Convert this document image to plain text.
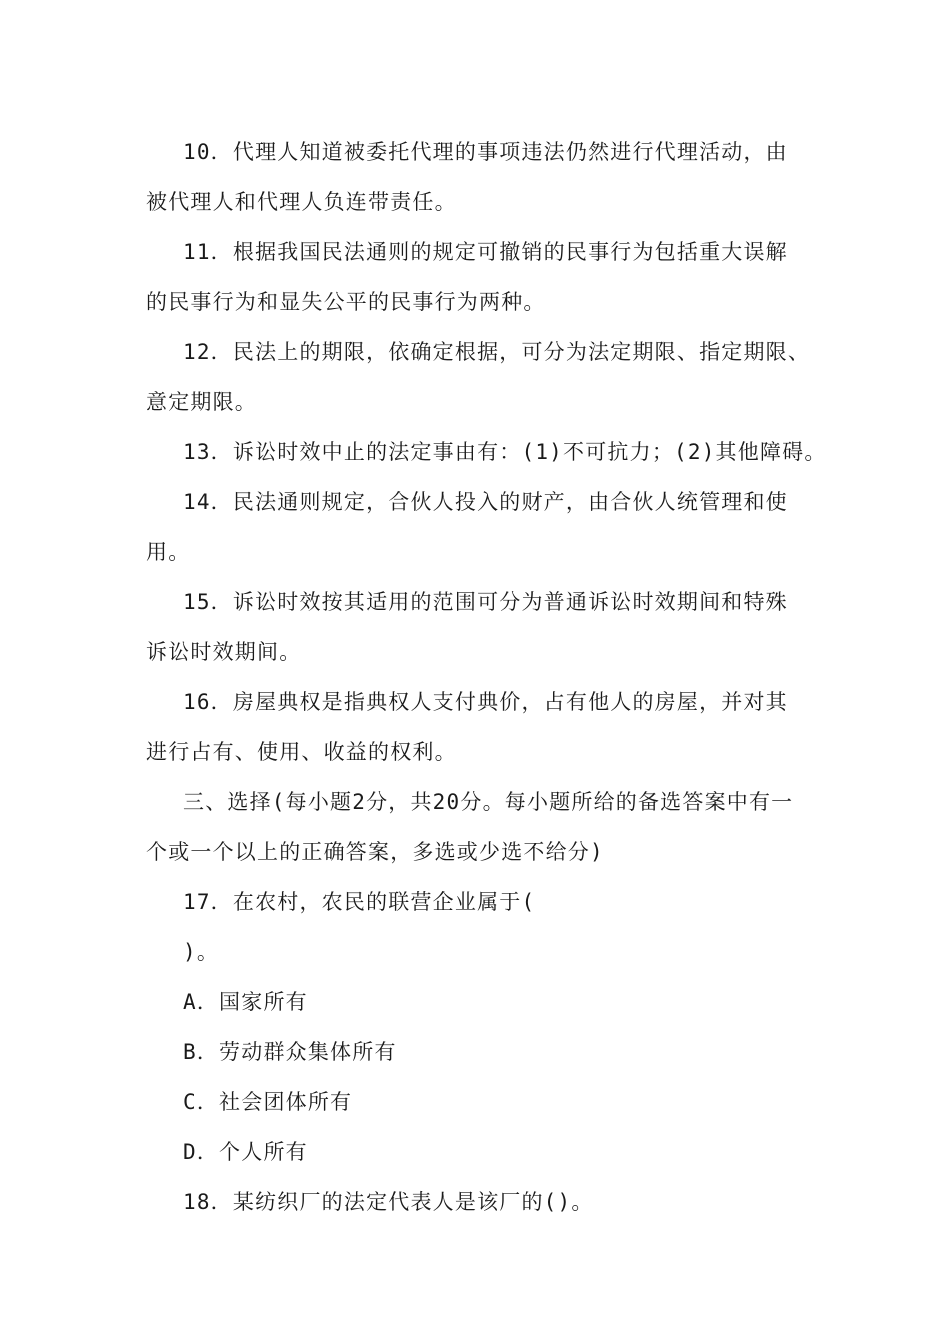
10．代理人知道被委托代理的事项违法仍然进行代理活动，由
被代理人和代理人负连带责任。
11．根据我国民法通则的规定可撤销的民事行为包括重大误解
的民事行为和显失公平的民事行为两种。
12．民法上的期限，依确定根据，可分为法定期限、指定期限、
意定期限。
13．诉讼时效中止的法定事由有：(1)不可抗力；(2)其他障碍。
14．民法通则规定，合伙人投入的财产，由合伙人统管理和使
用。
15．诉讼时效按其适用的范围可分为普通诉讼时效期间和特殊
诉讼时效期间。
16．房屋典权是指典权人支付典价，占有他人的房屋，并对其
进行占有、使用、收益的权利。
三、选择(每小题2分，共20分。每小题所给的备选答案中有一
个或一个以上的正确答案，多选或少选不给分)
17．在农村，农民的联营企业属于(
)。
A．国家所有
B．劳动群众集体所有
C．社会团体所有
D．个人所有
18．某纺织厂的法定代表人是该厂的()。
